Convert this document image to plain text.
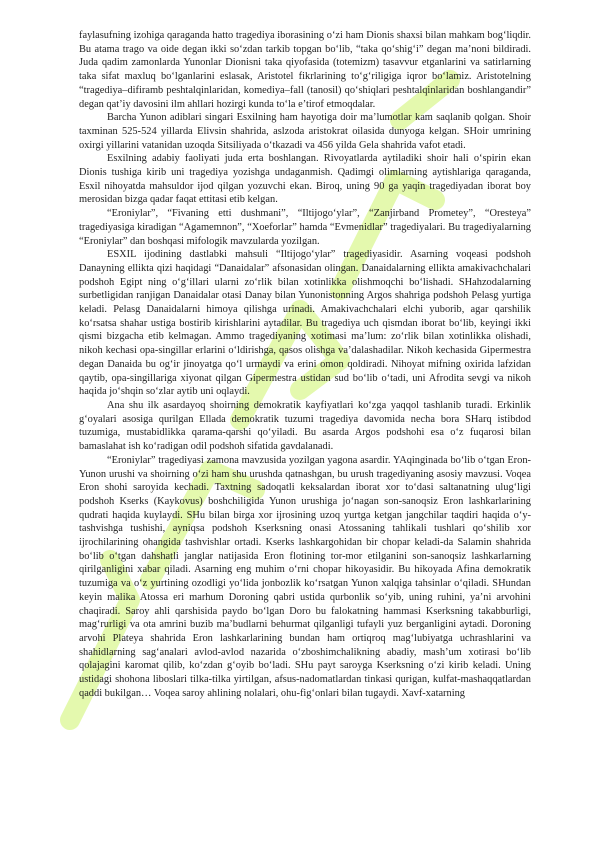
faylasufning izohiga qaraganda hatto tragediya iborasining o‘zi ham Dionis shaxsi bilan mahkam bog‘liqdir. Bu atama trago va oide degan ikki so‘zdan tarkib topgan bo‘lib, “taka qo‘shig‘i” degan ma’noni bildiradi. Juda qadim zamonlarda Yunonlar Dionisni taka qiyofasida (totemizm) tasavvur etganlarini va satirlarning taka sifat maxluq bo‘lganlarini eslasak, Aristotel fikrlarining to‘g‘riligiga iqror bo‘lamiz. Aristotelning “tragediya–difiramb peshtalqinlaridan, komediya–fall (tanosil) qo‘shiqlari peshtalqinlaridan boshlangandir” degan qat’iy davosini ilm ahllari hozirgi kunda to‘la e’tirof etmoqdalar.

Barcha Yunon adiblari singari Esxilning ham hayotiga doir ma’lumotlar kam saqlanib qolgan. Shoir taxminan 525-524 yillarda Elivsin shahrida, aslzoda aristokrat oilasida dunyoga kelgan. SHoir umrining oxirgi yillarini vatanidan uzoqda Sitsiliyada o‘tkazadi va 456 yilda Gela shahrida vafot etadi.

Esxilning adabiy faoliyati juda erta boshlangan. Rivoyatlarda aytiladiki shoir hali o‘spirin ekan Dionis tushiga kirib uni tragediya yozishga undaganmish. Qadimgi olimlarning aytishlariga qaraganda, Esxil nihoyatda mahsuldor ijod qilgan yozuvchi ekan. Biroq, uning 90 ga yaqin tragediyadan iborat boy merosidan bizga qadar faqat ettitasi etib kelgan.

“Eroniylar”, “Fivaning etti dushmani”, “Iltijogo‘ylar”, “Zanjirband Prometey”, “Oresteya” tragediyasiga kiradigan “Agamemnon”, “Xoeforlar” hamda “Evmenidlar” tragediyalari. Bu tragediyalarning “Eroniylar” dan boshqasi mifologik mavzularda yozilgan.

ESXIL ijodining dastlabki mahsuli “Iltijogo‘ylar” tragediyasidir. Asarning voqeasi podshoh Danayning ellikta qizi haqidagi “Danaidalar” afsonasidan olingan. Danaidalarning ellikta amakivachchalari podshoh Egipt ning o‘g‘illari ularni zo‘rlik bilan xotinlikka olishmoqchi bo‘lishadi. SHahzodalarning surbetligidan ranjigan Danaidalar otasi Danay bilan Yunonistonning Argos shahriga podshoh Pelasg yurtiga keladi. Pelasg Danaidalarni himoya qilishga urinadi. Amakivachchalari elchi yuborib, agar qarshilik ko‘rsatsa shahar ustiga bostirib kirishlarini aytadilar. Bu tragediya uch qismdan iborat bo‘lib, keyingi ikki qismi bizgacha etib kelmagan. Ammo tragediyaning xotimasi ma’lum: zo‘rlik bilan xotinlikka olishadi, nikoh kechasi opa-singillar erlarini o‘ldirishga, qasos olishga va’dalashadilar. Nikoh kechasida Gipermestra degan Danaida bu og‘ir jinoyatga qo‘l urmaydi va erini omon qoldiradi. Nihoyat mifning oxirida lafzidan qaytib, opa-singillariga xiyonat qilgan Gipermestra ustidan sud bo‘lib o‘tadi, uni Afrodita sevgi va nikoh haqida jo‘shqin so‘zlar aytib uni oqlaydi.

Ana shu ilk asardayoq shoirning demokratik kayfiyatlari ko‘zga yaqqol tashlanib turadi. Erkinlik g‘oyalari asosiga qurilgan Ellada demokratik tuzumi tragediya davomida necha bora SHarq istibdod tuzumiga, mustabidlikka qarama-qarshi qo‘yiladi. Bu asarda Argos podshohi esa o‘z fuqarosi bilan bamaslahat ish ko‘radigan odil podshoh sifatida gavdalanadi.

“Eroniylar” tragediyasi zamona mavzusida yozilgan yagona asardir. YAqinginada bo‘lib o‘tgan Eron-Yunon urushi va shoirning o‘zi ham shu urushda qatnashgan, bu urush tragediyaning asosiy mavzusi. Voqea Eron shohi saroyida kechadi. Taxtning sadoqatli keksalardan iborat xor to‘dasi saltanatning ulug‘ligi podshoh Kserks (Kaykovus) boshchiligida Yunon urushiga jo‘nagan son-sanoqsiz Eron lashkarlarining qudrati haqida kuylaydi. SHu bilan birga xor ijrosining uzoq yurtga ketgan jangchilar taqdiri haqida o‘y-tashvishga tushishi, ayniqsa podshoh Kserksning onasi Atossaning tahlikali tushlari qo‘shilib xor ijrochilarining ohangida tashvishlar ortadi. Kserks lashkargohidan bir chopar keladi-da Salamin shahrida bo‘lib o‘tgan dahshatli janglar natijasida Eron flotining tor-mor etilganini son-sanoqsiz lashkarlarning qirilganligini xabar qiladi. Asarning eng muhim o‘rni chopar hikoyasidir. Bu hikoyada Afina demokratik tuzumiga va o‘z yurtining ozodligi yo‘lida jonbozlik ko‘rsatgan Yunon xalqiga tahsinlar o‘qiladi. SHundan keyin malika Atossa eri marhum Doroning qabri ustida qurbonlik so‘yib, uning ruhini, ya’ni arvohini chaqiradi. Saroy ahli qarshisida paydo bo‘lgan Doro bu falokatning hammasi Kserksning takabburligi, mag‘rurligi va ota amrini buzib ma’budlarni behurmat qilganligi tufayli yuz berganligini aytadi. Doroning arvohi Plateya shahrida Eron lashkarlarining bundan ham ortiqroq mag‘lubiyatga uchrashlarini va shahidlarning sag‘analari avlod-avlod nazarida o‘zboshimchalikning abadiy, mash’um xotirasi bo‘lib qolajagini karomat qilib, ko‘zdan g‘oyib bo‘ladi. SHu payt saroyga Kserksning o‘zi kirib keladi. Uning ustidagi shohona liboslari tilka-tilka yirtilgan, afsus-nadomatlardan tinkasi qurigan, kulfat-mashaqqatlardan qaddi bukilgan… Voqea saroy ahlining nolalari, ohu-fig‘onlari bilan tugaydi. Xavf-xatarning
